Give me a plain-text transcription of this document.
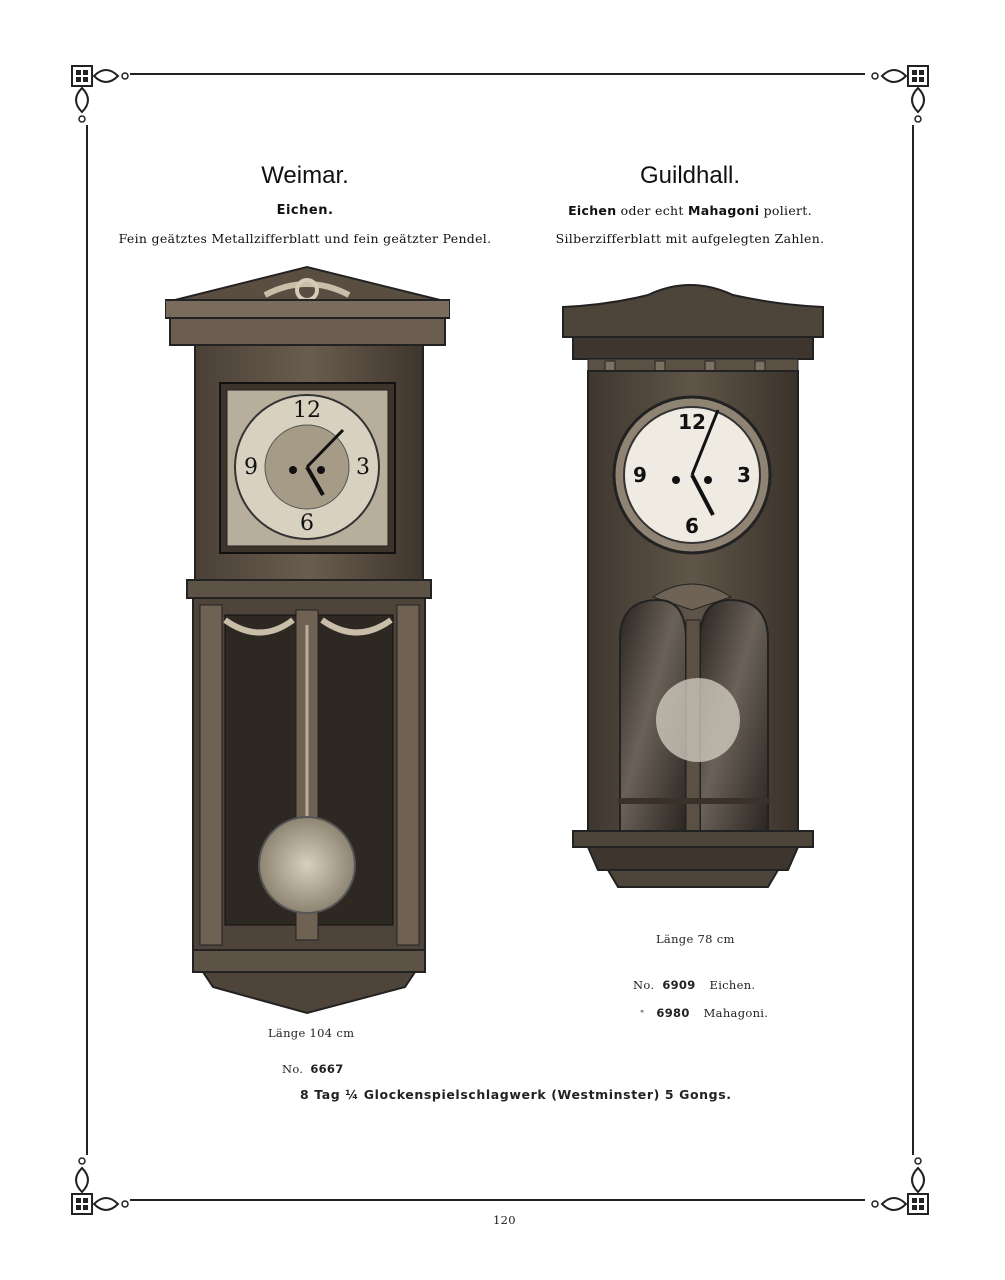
Weimar.
Eichen.
Fein geätztes Metallzifferblatt und fein geätzter Pendel.
Guildhall.
Eichen oder echt Mahagoni poliert.
Silberzifferblatt mit aufgelegten Zahlen.
12
3
6
9
12
3
6
9
Länge 78 cm
No. 6909 Eichen.
" 6980 Mahagoni.
Länge 104 cm
No. 6667
8 Tag ¼ Glockenspielschlagwerk (Westminster) 5 Gongs.
120
